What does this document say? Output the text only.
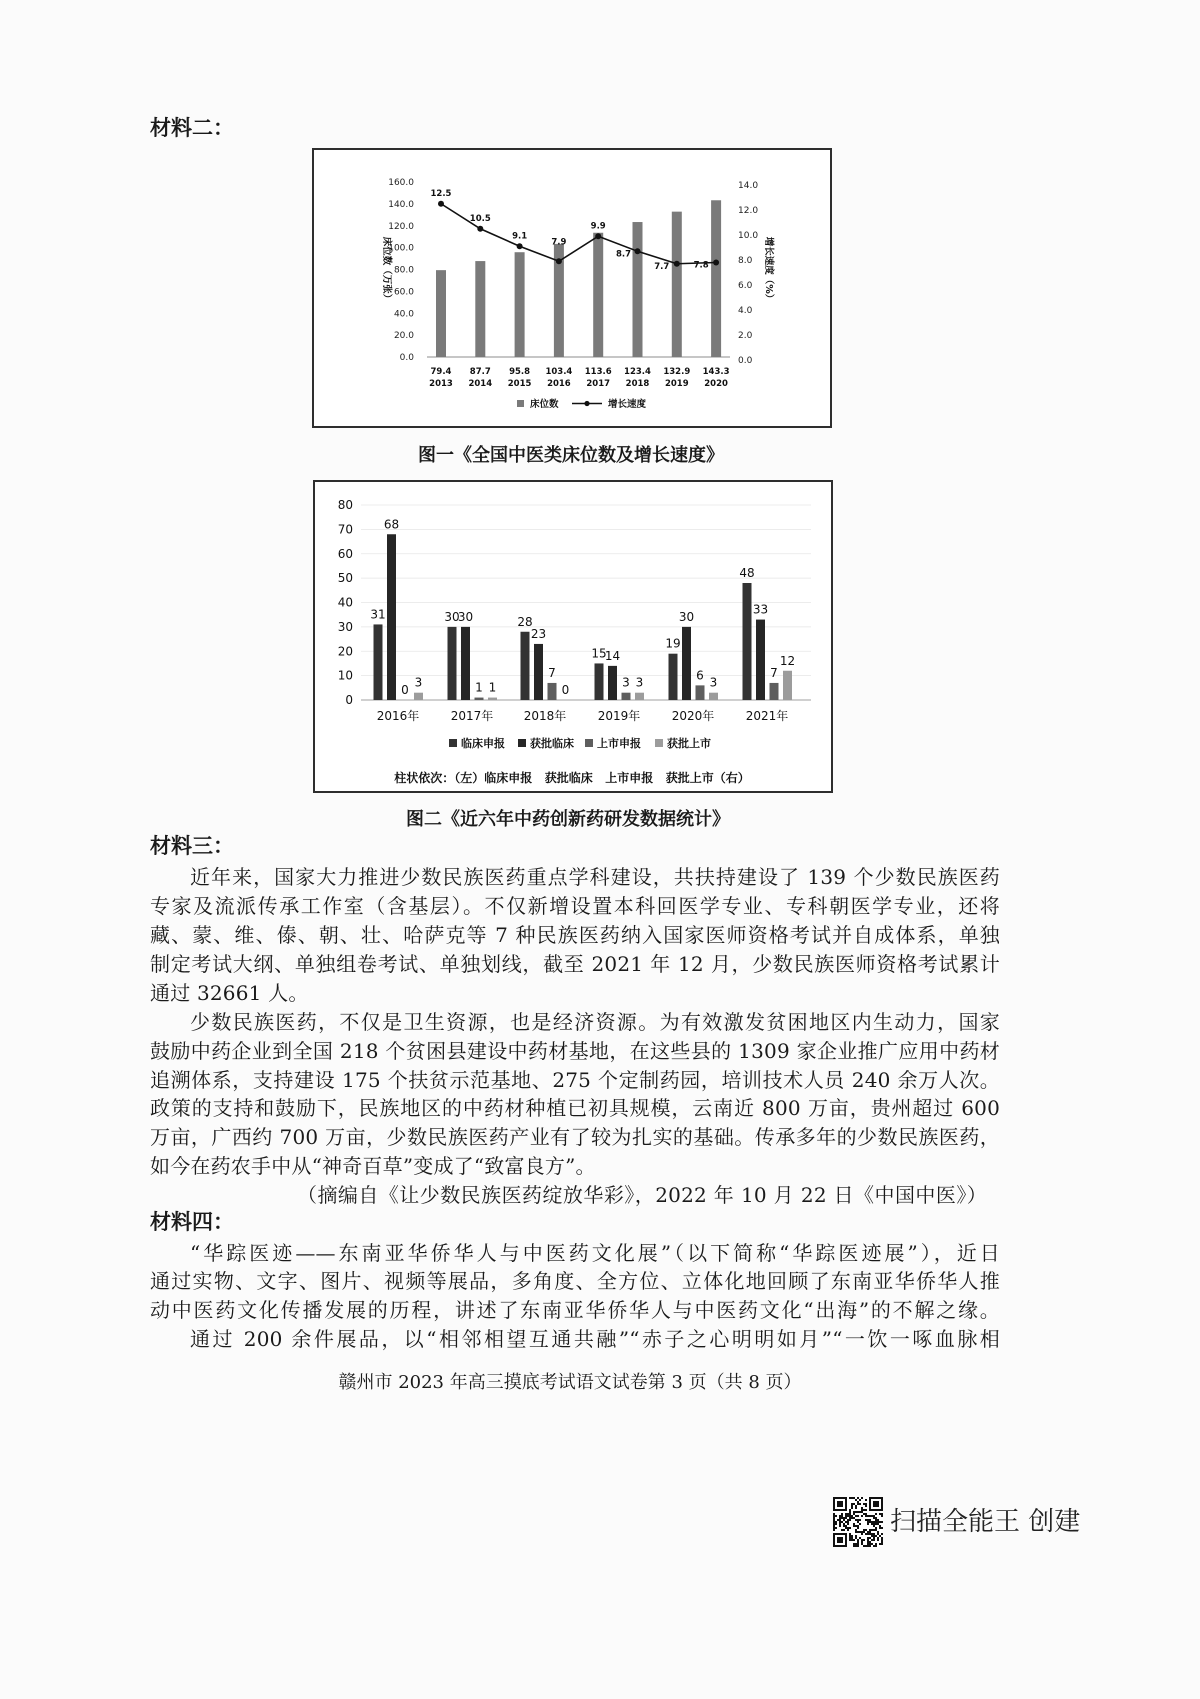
材料二：
0.0
20.0
40.0
60.0
80.0
100.0
120.0
140.0
160.0
0.0
2.0
4.0
6.0
8.0
10.0
12.0
14.0
79.4
2013
87.7
2014
95.8
2015
103.4
2016
113.6
2017
123.4
2018
132.9
2019
143.3
2020
12.5
10.5
9.1
7.9
9.9
8.7
7.7	7.8
床位数（万张）	增长速度（%）
床位数	增长速度
图一《全国中医类床位数及增长速度》
0
10
20
30
40
50
60
70
80
2016年	2017年	2018年	2019年	2020年	2021年
31	30	28
15
19
48
68
30
23
14
30
33
0	1
7
3
6	7
3	1	0
3	3
12
临床申报 获批临床 上市申报 获批上市
柱状依次：（左）临床申报   获批临床   上市申报   获批上市（右）
图二《近六年中药创新药研发数据统计》
材料三：
近年来，国家大力推进少数民族医药重点学科建设，共扶持建设了 139 个少数民族医药
专家及流派传承工作室（含基层）。不仅新增设置本科回医学专业、专科朝医学专业，还将
藏、蒙、维、傣、朝、壮、哈萨克等 7 种民族医药纳入国家医师资格考试并自成体系，单独
制定考试大纲、单独组卷考试、单独划线，截至 2021 年 12 月，少数民族医师资格考试累计
通过 32661 人。
少数民族医药，不仅是卫生资源，也是经济资源。为有效激发贫困地区内生动力，国家
鼓励中药企业到全国 218 个贫困县建设中药材基地，在这些县的 1309 家企业推广应用中药材
追溯体系，支持建设 175 个扶贫示范基地、275 个定制药园，培训技术人员 240 余万人次。
政策的支持和鼓励下，民族地区的中药材种植已初具规模，云南近 800 万亩，贵州超过 600
万亩，广西约 700 万亩，少数民族医药产业有了较为扎实的基础。传承多年的少数民族医药，
如今在药农手中从“神奇百草”变成了“致富良方”。
（摘编自《让少数民族医药绽放华彩》，2022 年 10 月 22 日《中国中医》）
材料四：
“华踪医迹——东南亚华侨华人与中医药文化展”（以下简称“华踪医迹展”），近日
通过实物、文字、图片、视频等展品，多角度、全方位、立体化地回顾了东南亚华侨华人推
动中医药文化传播发展的历程，讲述了东南亚华侨华人与中医药文化“出海”的不解之缘。
通过 200 余件展品，以“相邻相望互通共融”“赤子之心明明如月”“一饮一啄血脉相
赣州市 2023 年高三摸底考试语文试卷第 3 页（共 8 页）
扫描全能王 创建
